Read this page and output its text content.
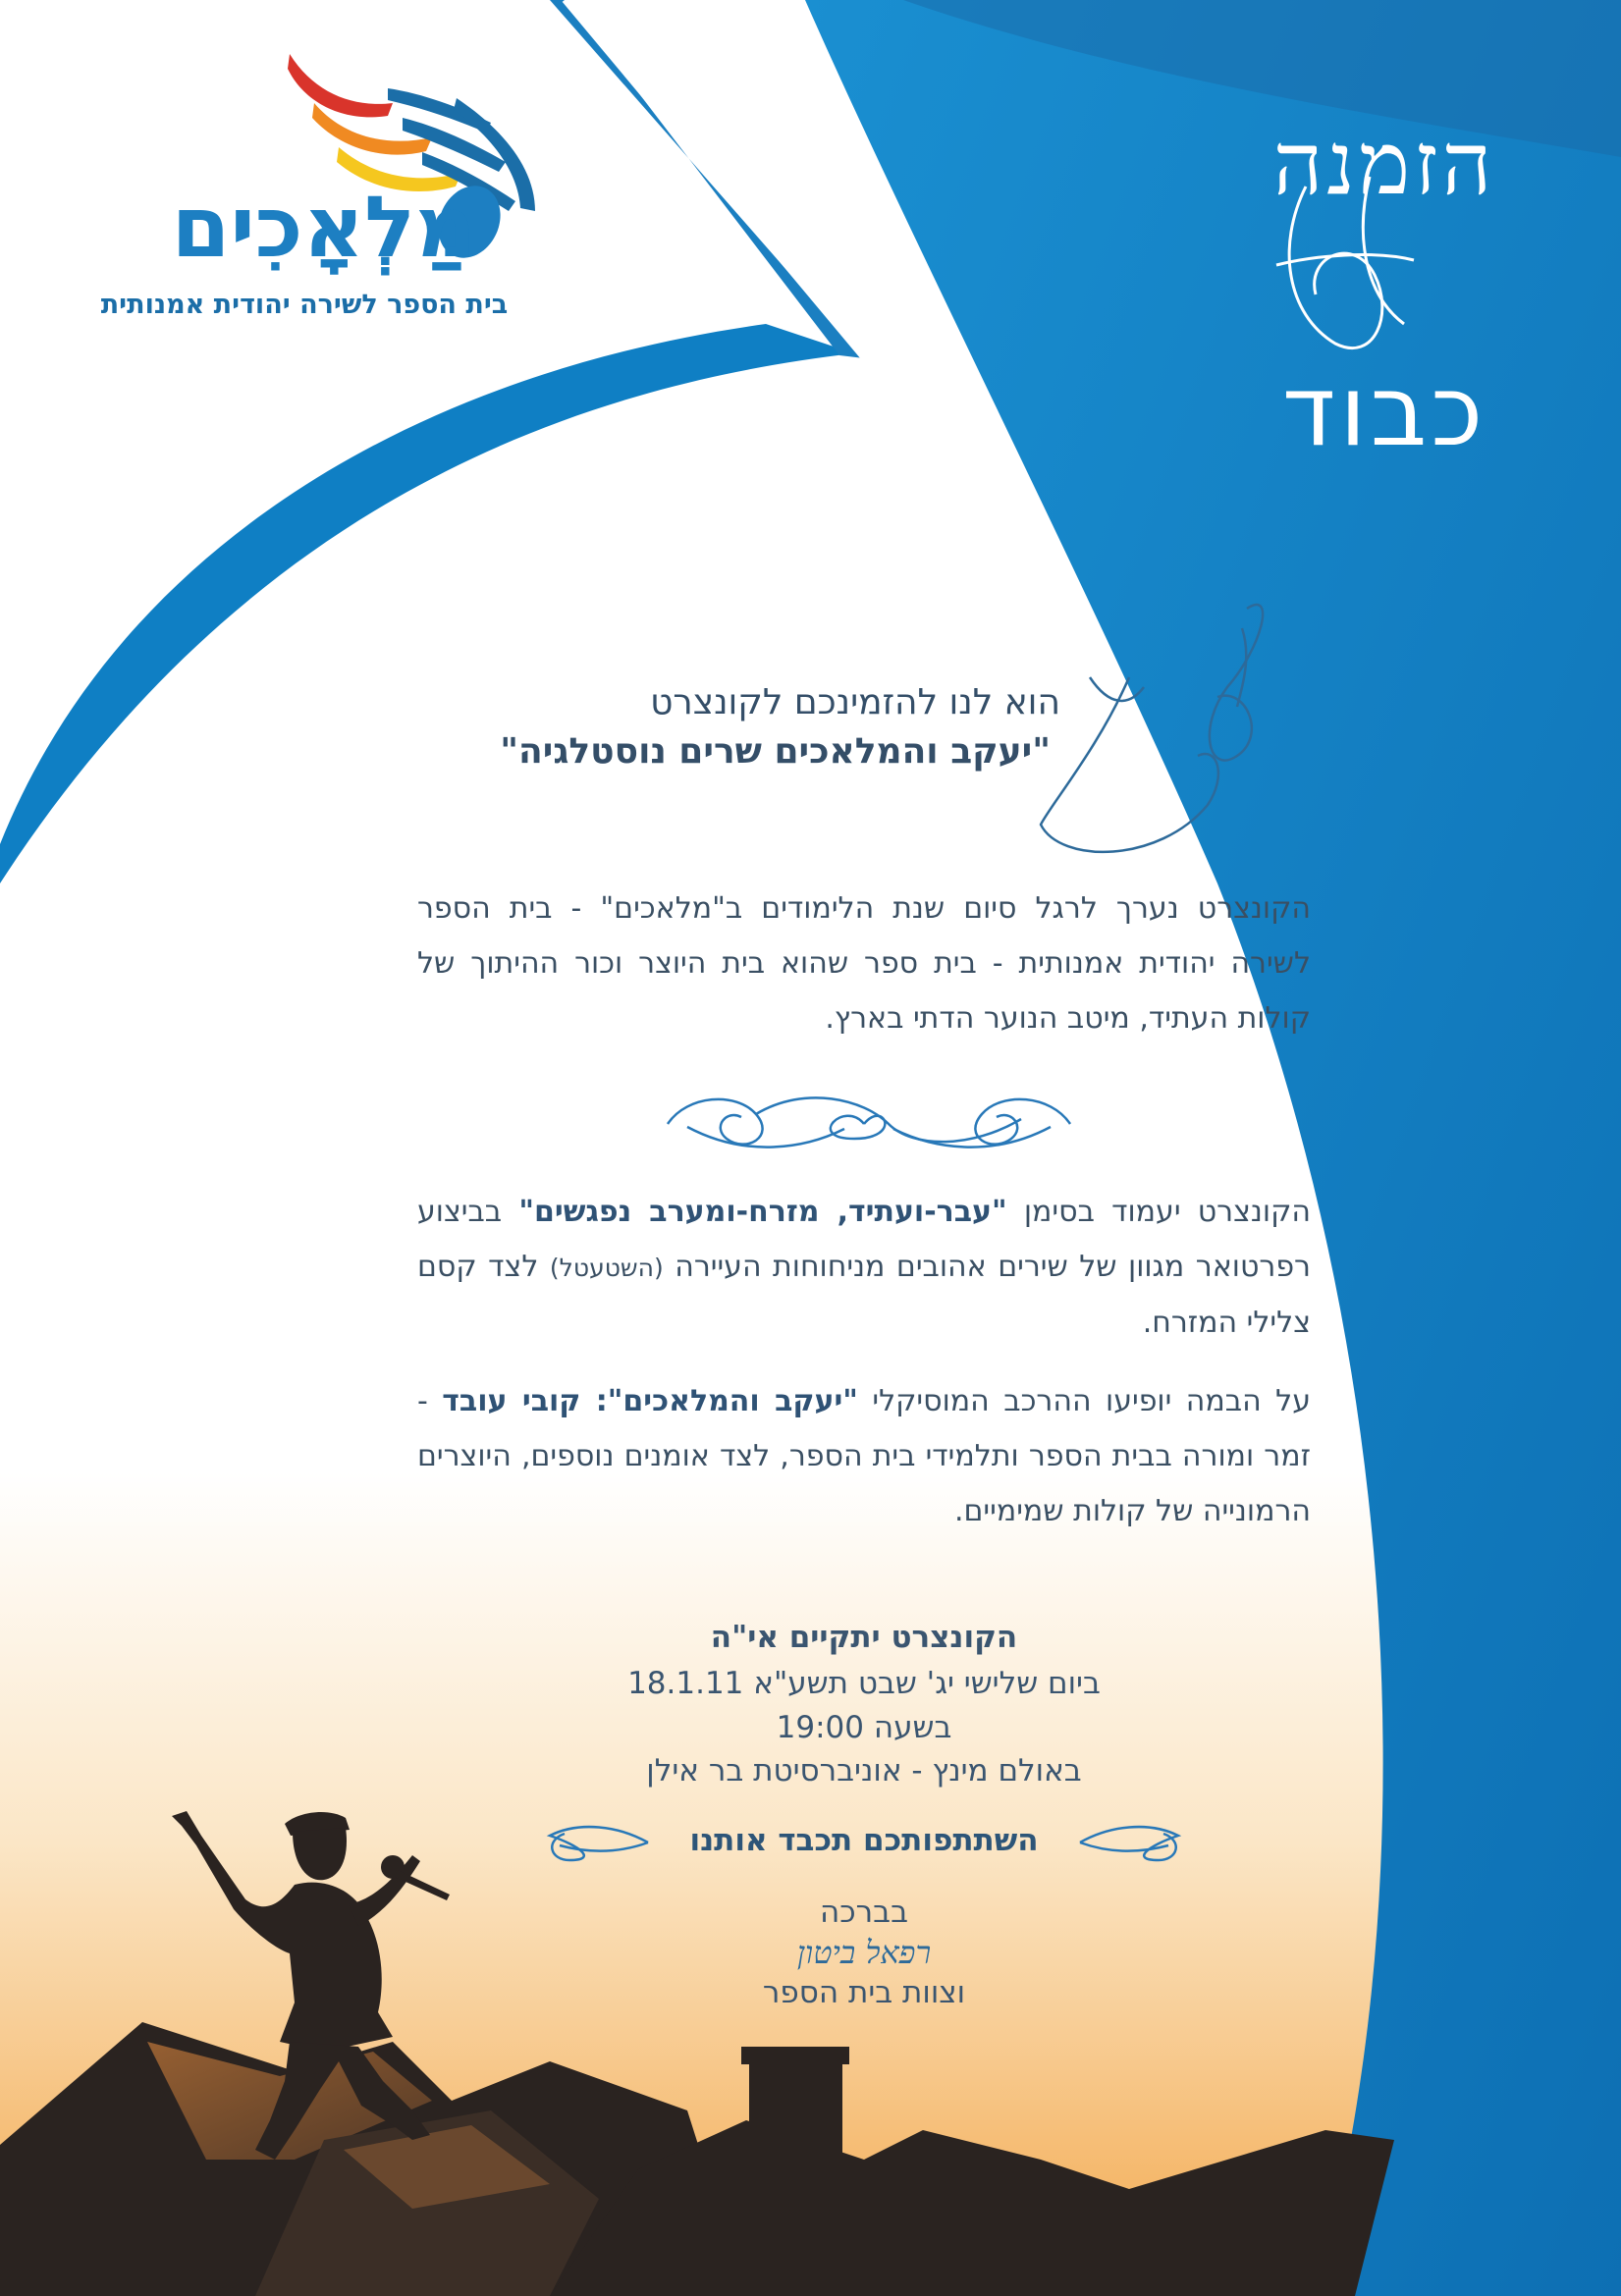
מַלְאָכִים
בית הספר לשירה יהודית אמנותית
הזמנה
כבוד
הוא לנו להזמינכם לקונצרט
"יעקב והמלאכים שרים נוסטלגיה"
הקונצרט נערך לרגל סיום שנת הלימודים ב"מלאכים" - בית הספר לשירה יהודית אמנותית - בית ספר שהוא בית היוצר וכור ההיתוך של קולות העתיד, מיטב הנוער הדתי בארץ.
הקונצרט יעמוד בסימן "עבר-ועתיד, מזרח-ומערב נפגשים" בביצוע רפרטואר מגוון של שירים אהובים מניחוחות העיירה (השטעטל) לצד קסם צלילי המזרח.
על הבמה יופיעו ההרכב המוסיקלי "יעקב והמלאכים": קובי עובד - זמר ומורה בבית הספר ותלמידי בית הספר, לצד אומנים נוספים, היוצרים הרמונייה של קולות שמימיים.
הקונצרט יתקיים אי"ה
ביום שלישי יג' שבט תשע"א 18.1.11
בשעה 19:00
באולם מינץ - אוניברסיטת בר אילן
השתתפותכם תכבד אותנו
בברכה
רפאל ביטון
וצוות בית הספר
